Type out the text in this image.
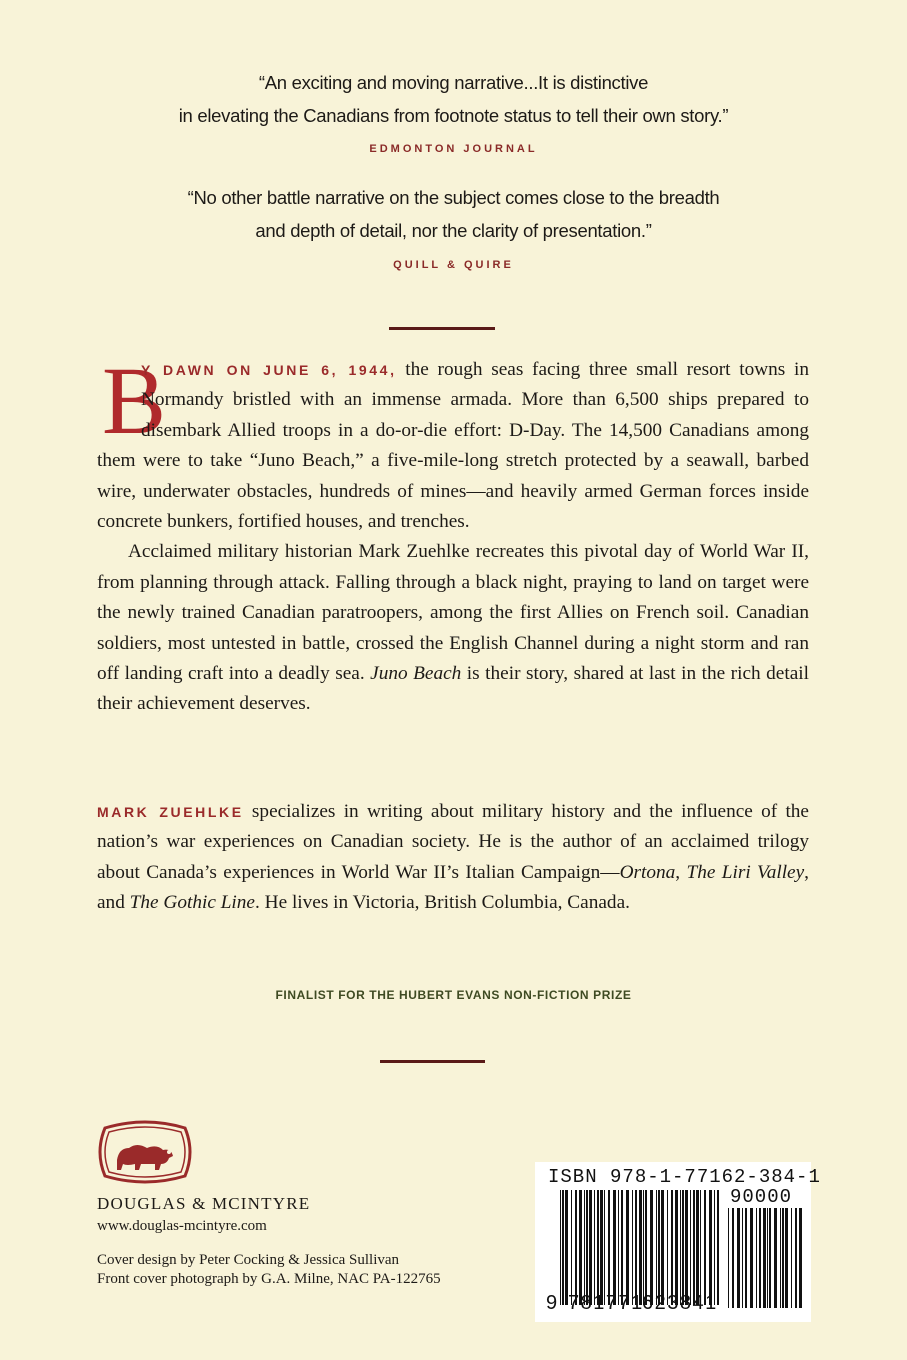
“An exciting and moving narrative...It is distinctive
in elevating the Canadians from footnote status to tell their own story.”
EDMONTON JOURNAL
“No other battle narrative on the subject comes close to the breadth
and depth of detail, nor the clarity of presentation.”
QUILL & QUIRE
B

Y DAWN ON JUNE 6, 1944, the rough seas facing three small resort towns in Normandy bristled with an immense armada. More than 6,500 ships prepared to disembark Allied troops in a do-or-die effort: D-Day. The 14,500 Canadians among them were to take “Juno Beach,” a five-mile-long stretch protected by a seawall, barbed wire, underwater obstacles, hundreds of mines—and heavily armed German forces inside concrete bunkers, fortified houses, and trenches.

Acclaimed military historian Mark Zuehlke recreates this pivotal day of World War II, from planning through attack. Falling through a black night, praying to land on target were the newly trained Canadian paratroopers, among the first Allies on French soil. Canadian soldiers, most untested in battle, crossed the English Channel during a night storm and ran off landing craft into a deadly sea. Juno Beach is their story, shared at last in the rich detail their achievement deserves.

MARK ZUEHLKE specializes in writing about military history and the influence of the nation’s war experiences on Canadian society. He is the author of an acclaimed trilogy about Canada’s experiences in World War II’s Italian Campaign—Ortona, The Liri Valley, and The Gothic Line. He lives in Victoria, British Columbia, Canada.

FINALIST FOR THE HUBERT EVANS NON-FICTION PRIZE
DOUGLAS & MCINTYRE
www.douglas-mcintyre.com
Cover design by Peter Cocking & Jessica Sullivan
Front cover photograph by G.A. Milne, NAC PA-122765
ISBN 978-1-77162-384-1
90000
9 781771
623841
